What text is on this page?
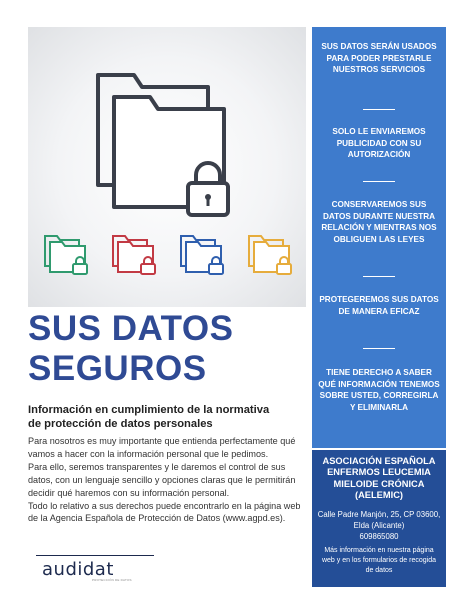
SUS DATOS
SEGUROS
Información en cumplimiento de la normativa
de protección de datos personales

Para nosotros es muy importante que entienda perfectamente qué vamos a hacer con la información personal que le pedimos.

Para ello, seremos transparentes y le daremos el control de sus datos, con un lenguaje sencillo y opciones claras que le permitirán decidir qué haremos con su información personal.

Todo lo relativo a sus derechos puede encontrarlo en la página web de la Agencia Española de Protección de Datos (www.agpd.es).

audidat
PROTECCIÓN DE DATOS
SUS DATOS SERÁN USADOS PARA PODER PRESTARLE NUESTROS SERVICIOS
SOLO LE ENVIAREMOS PUBLICIDAD CON SU AUTORIZACIÓN
CONSERVAREMOS SUS DATOS DURANTE NUESTRA RELACIÓN Y MIENTRAS NOS OBLIGUEN LAS LEYES
PROTEGEREMOS SUS DATOS DE MANERA EFICAZ
TIENE DERECHO A SABER QUÉ INFORMACIÓN TENEMOS SOBRE USTED, CORREGIRLA Y ELIMINARLA
ASOCIACIÓN ESPAÑOLA ENFERMOS LEUCEMIA MIELOIDE CRÓNICA (AELEMIC)
Calle Padre Manjón, 25, CP 03600, Elda (Alicante)
609865080
Más información en nuestra página web y en los formularios de recogida de datos
